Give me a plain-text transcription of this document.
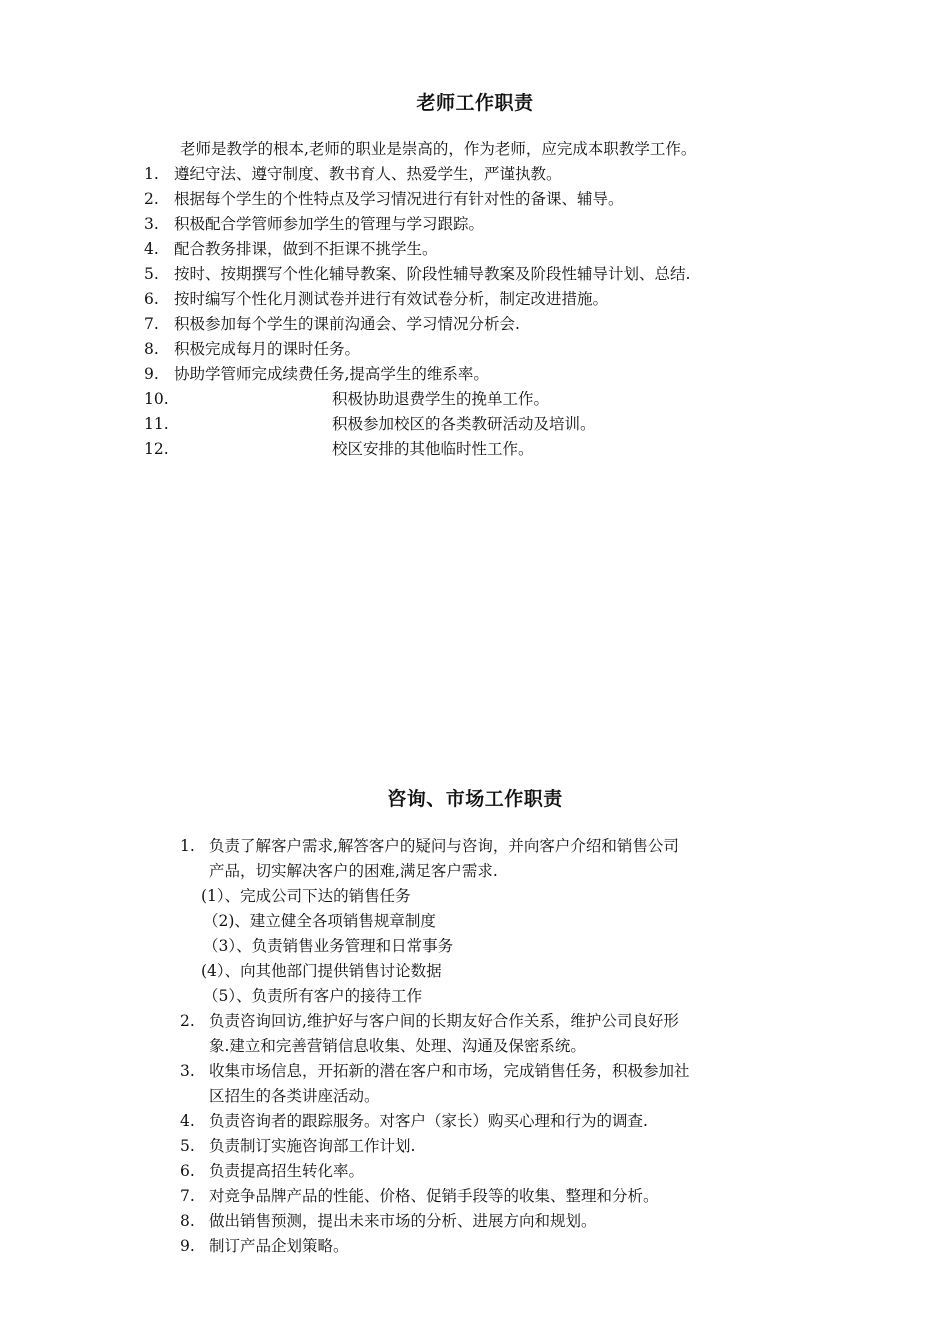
老师工作职责
老师是教学的根本,老师的职业是崇高的，作为老师，应完成本职教学工作。
1. 遵纪守法、遵守制度、教书育人、热爱学生，严谨执教。
2. 根据每个学生的个性特点及学习情况进行有针对性的备课、辅导。
3. 积极配合学管师参加学生的管理与学习跟踪。
4. 配合教务排课，做到不拒课不挑学生。
5. 按时、按期撰写个性化辅导教案、阶段性辅导教案及阶段性辅导计划、总结.
6. 按时编写个性化月测试卷并进行有效试卷分析，制定改进措施。
7. 积极参加每个学生的课前沟通会、学习情况分析会.
8. 积极完成每月的课时任务。
9. 协助学管师完成续费任务,提高学生的维系率。
10.	积极协助退费学生的挽单工作。
11.	积极参加校区的各类教研活动及培训。
12.	校区安排的其他临时性工作。
咨询、市场工作职责
1. 负责了解客户需求,解答客户的疑问与咨询，并向客户介绍和销售公司
产品，切实解决客户的困难,满足客户需求.
(1）、完成公司下达的销售任务
（2)、建立健全各项销售规章制度
（3）、负责销售业务管理和日常事务
(4）、向其他部门提供销售讨论数据
（5）、负责所有客户的接待工作
2. 负责咨询回访,维护好与客户间的长期友好合作关系，维护公司良好形
象.建立和完善营销信息收集、处理、沟通及保密系统。
3. 收集市场信息，开拓新的潜在客户和市场，完成销售任务，积极参加社
区招生的各类讲座活动。
4. 负责咨询者的跟踪服务。对客户（家长）购买心理和行为的调查.
5. 负责制订实施咨询部工作计划.
6. 负责提高招生转化率。
7. 对竞争品牌产品的性能、价格、促销手段等的收集、整理和分析。
8. 做出销售预测，提出未来市场的分析、进展方向和规划。
9. 制订产品企划策略。
